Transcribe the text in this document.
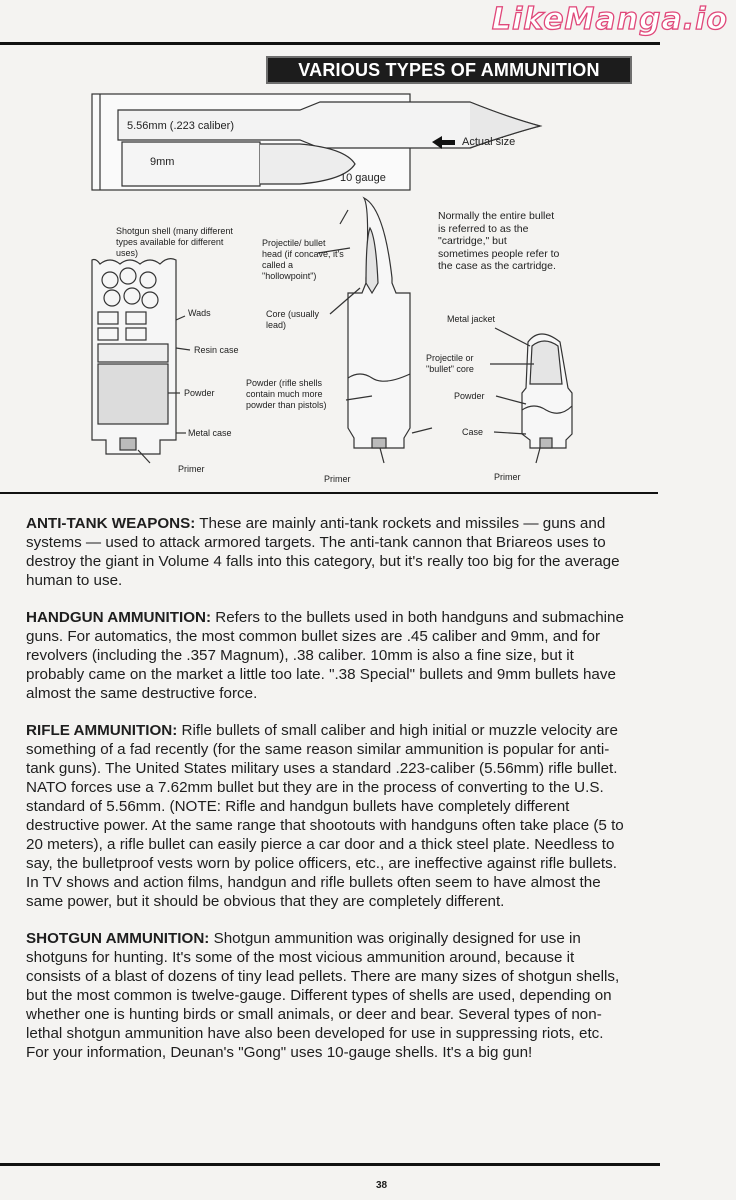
LikeManga.io
VARIOUS TYPES OF AMMUNITION
5.56mm (.223 caliber)
9mm
10 gauge
Actual size
Shotgun shell (many different types available for different uses)
Wads
Resin case
Powder
Metal case
Primer
Projectile/ bullet head (if concave, it's called a "hollowpoint")
Core (usually lead)
Powder (rifle shells contain much more powder than pistols)
Primer
Normally the entire bullet is referred to as the "cartridge," but sometimes people refer to the case as the cartridge.
Metal jacket
Projectile or "bullet" core
Powder
Case
Primer

ANTI-TANK WEAPONS: These are mainly anti-tank rockets and missiles — guns and systems — used to attack armored targets. The anti-tank cannon that Briareos uses to destroy the giant in Volume 4 falls into this category, but it's really too big for the average human to use.

HANDGUN AMMUNITION: Refers to the bullets used in both handguns and submachine guns. For automatics, the most common bullet sizes are .45 caliber and 9mm, and for revolvers (including the .357 Magnum), .38 caliber. 10mm is also a fine size, but it probably came on the market a little too late. ".38 Special" bullets and 9mm bullets have almost the same destructive force.

RIFLE AMMUNITION: Rifle bullets of small caliber and high initial or muzzle velocity are something of a fad recently (for the same reason similar ammunition is popular for anti-tank guns). The United States military uses a standard .223-caliber (5.56mm) rifle bullet. NATO forces use a 7.62mm bullet but they are in the process of converting to the U.S. standard of 5.56mm. (NOTE: Rifle and handgun bullets have completely different destructive power. At the same range that shootouts with handguns often take place (5 to 20 meters), a rifle bullet can easily pierce a car door and a thick steel plate. Needless to say, the bulletproof vests worn by police officers, etc., are ineffective against rifle bullets. In TV shows and action films, handgun and rifle bullets often seem to have almost the same power, but it should be obvious that they are completely different.

SHOTGUN AMMUNITION: Shotgun ammunition was originally designed for use in shotguns for hunting. It's some of the most vicious ammunition around, because it consists of a blast of dozens of tiny lead pellets. There are many sizes of shotgun shells, but the most common is twelve-gauge. Different types of shells are used, depending on whether one is hunting birds or small animals, or deer and bear. Several types of non-lethal shotgun ammunition have also been developed for use in suppressing riots, etc. For your information, Deunan's "Gong" uses 10-gauge shells. It's a big gun!

38
